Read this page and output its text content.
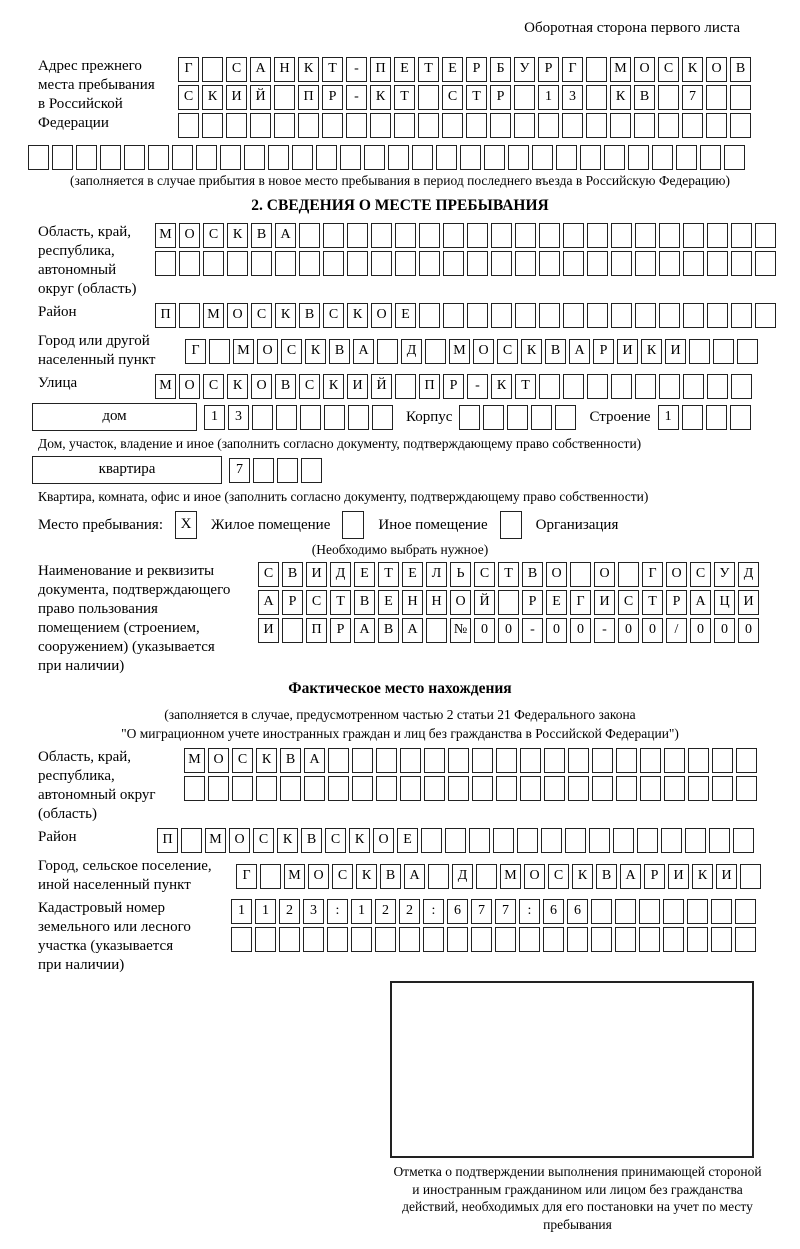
Оборотная сторона первого листа
Адрес прежнего
места пребывания
в Российской
Федерации
Г	С А Н К Т - П Е Т Е Р Б У Р Г	М О С К О В
С К И Й	П Р - К Т	С Т Р	1 3	К В	7
(заполняется в случае прибытия в новое место пребывания в период последнего въезда в Российскую Федерацию)
2. СВЕДЕНИЯ О МЕСТЕ ПРЕБЫВАНИЯ
Область, край,
республика,
автономный
округ (область)
М О С К В А
Район	П	М О С К В С К О Е
Город или другой
населенный пункт
Г	М О С К В А	Д	М О С К В А Р И К И
Улица	М О С К О В С К И Й	П Р - К Т
дом	1 3	Корпус	Строение	1
Дом, участок, владение и иное (заполнить согласно документу, подтверждающему право собственности)
квартира	7
Квартира, комната, офис и иное (заполнить согласно документу, подтверждающему право собственности)
Место пребывания:	X	Жилое помещение	Иное помещение	Организация
(Необходимо выбрать нужное)
Наименование и реквизиты
документа, подтверждающего
право пользования
помещением (строением,
сооружением) (указывается
при наличии)
С В И Д Е Т Е Л Ь С Т В О	О	Г О С У Д
А Р С Т В Е Н Н О Й	Р Е Г И С Т Р А Ц И
И	П Р А В А	№ 0 0 - 0 0 - 0 0 / 0 0 0
Фактическое место нахождения
(заполняется в случае, предусмотренном частью 2 статьи 21 Федерального закона
"О миграционном учете иностранных граждан и лиц без гражданства в Российской Федерации")
Область, край,
республика,
автономный округ
(область)
М О С К В А
Район	П	М О С К В С К О Е
Город, сельское поселение,
иной населенный пункт
Г	М О С К В А	Д	М О С К В А Р И К И
Кадастровый номер
земельного или лесного
участка (указывается
при наличии)
1 1 2 3 : 1 2 2 : 6 7 7 : 6 6
Отметка о подтверждении выполнения принимающей стороной и иностранным гражданином или лицом без гражданства действий, необходимых для его постановки на учет по месту пребывания
